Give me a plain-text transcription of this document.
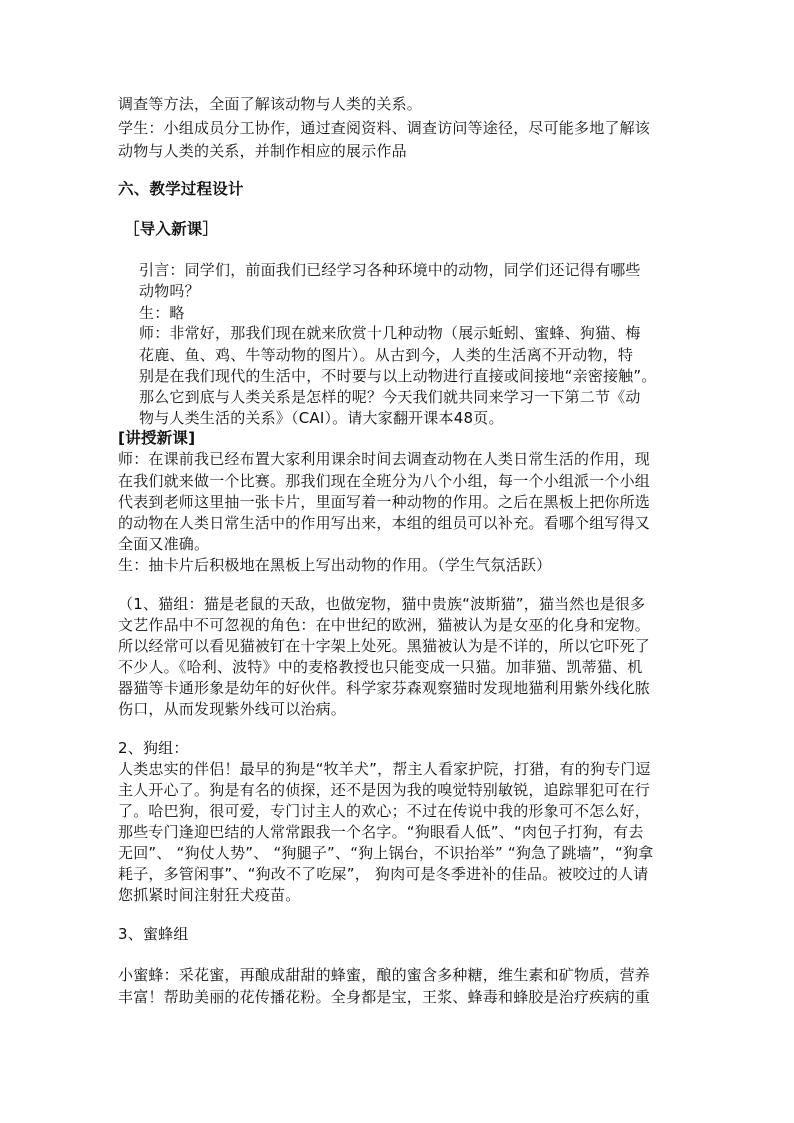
调查等方法，全面了解该动物与人类的关系。
学生：小组成员分工协作，通过查阅资料、调查访问等途径，尽可能多地了解该
动物与人类的关系，并制作相应的展示作品
六、教学过程设计
［导入新课］
引言：同学们，前面我们已经学习各种环境中的动物，同学们还记得有哪些
动物吗？
生：略
师：非常好，那我们现在就来欣赏十几种动物（展示蚯蚓、蜜蜂、狗猫、梅
花鹿、鱼、鸡、牛等动物的图片）。从古到今，人类的生活离不开动物，特
别是在我们现代的生活中，不时要与以上动物进行直接或间接地“亲密接触”。
那么它到底与人类关系是怎样的呢？今天我们就共同来学习一下第二节《动
物与人类生活的关系》（CAI）。请大家翻开课本48页。
[讲授新课]
师：在课前我已经布置大家利用课余时间去调查动物在人类日常生活的作用，现
在我们就来做一个比赛。那我们现在全班分为八个小组，每一个小组派一个小组
代表到老师这里抽一张卡片，里面写着一种动物的作用。之后在黑板上把你所选
的动物在人类日常生活中的作用写出来，本组的组员可以补充。看哪个组写得又
全面又准确。
生：抽卡片后积极地在黑板上写出动物的作用。（学生气氛活跃）
（1、猫组：猫是老鼠的天敌，也做宠物，猫中贵族“波斯猫”，猫当然也是很多
文艺作品中不可忽视的角色：在中世纪的欧洲，猫被认为是女巫的化身和宠物。
所以经常可以看见猫被钉在十字架上处死。黑猫被认为是不详的，所以它吓死了
不少人。《哈利、波特》中的麦格教授也只能变成一只猫。加菲猫、凯蒂猫、机
器猫等卡通形象是幼年的好伙伴。科学家芬森观察猫时发现地猫利用紫外线化脓
伤口，从而发现紫外线可以治病。
2、狗组：
人类忠实的伴侣！最早的狗是“牧羊犬”，帮主人看家护院，打猎，有的狗专门逗
主人开心了。狗是有名的侦探，还不是因为我的嗅觉特别敏锐，追踪罪犯可在行
了。哈巴狗，很可爱，专门讨主人的欢心；不过在传说中我的形象可不怎么好，
那些专门逢迎巴结的人常常跟我一个名字。“狗眼看人低”、“肉包子打狗，有去
无回”、 “狗仗人势”、 “狗腿子”、“狗上锅台，不识抬举” “狗急了跳墙”，“狗拿
耗子，多管闲事”、“狗改不了吃屎”， 狗肉可是冬季进补的佳品。被咬过的人请
您抓紧时间注射狂犬疫苗。
3、蜜蜂组
小蜜蜂：采花蜜，再酿成甜甜的蜂蜜，酿的蜜含多种糖，维生素和矿物质，营养
丰富！帮助美丽的花传播花粉。全身都是宝，王浆、蜂毒和蜂胶是治疗疾病的重
